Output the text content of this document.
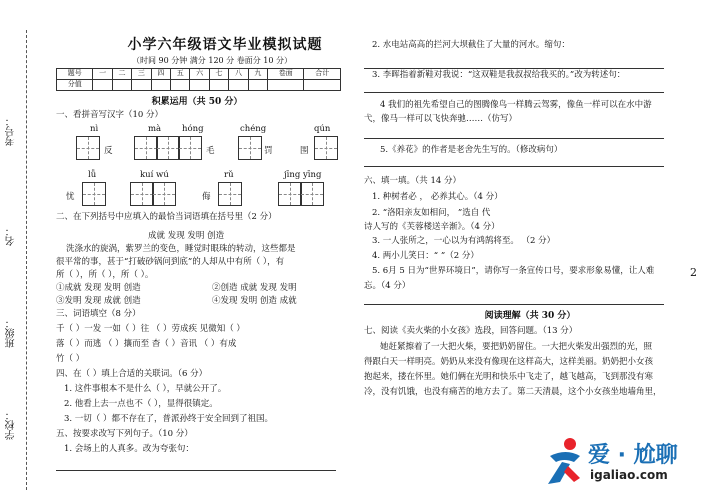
考号：
名：
班级：
学校：
小学六年级语文毕业模拟试题
（时间 90 分钟 满分 120 分 卷面分 10 分）
题号	一	二	三	四	五	六	七	八	九	卷面	合计
分值											
积累运用（共 50 分）
一、看拼音写汉字（10 分）
nì	mà hóng	chéng	qún
反	毛	罚	围
lǚ	kuí wú	rǔ	jīng yīng
忧	侮
二、在下列括号中应填入的最恰当词语填在括号里（2 分）
成就 发现 发明 创造
洗涤水的旋涡，紫罗兰的变色，睡觉时眼珠的转动，这些都是
很平常的事，甚于“打破砂锅问到底”的人却从中有所（ ），有
所（ ），所（ ），所（ ）。
①成就 发现 发明 创造	②创造 成就 发现 发明
③发明 发现 成就 创造	④发现 发明 创造 成就
三、词语填空（8 分）
千（ ）一发 一如（ ）往 （ ）劳成疾 见微知（ ）
落（ ）而逃 （ ）攘而至 杳（ ）音讯 （ ）有成
竹（ ）
四、在（ ）填上合适的关联词。（6 分）
1. 这件事根本不是什么（ ），早就公开了。
2. 他看上去一点也不（ ），显得很镇定。
3. 一切（ ）都不存在了，普派孙终于安全回到了祖国。
五、按要求改写下列句子。（10 分）
1. 会场上的人真多。改为夸张句：
2. 水电站高高的拦河大坝截住了大量的河水。缩句：
3. 李晖指着新鞋对我说：“这双鞋是我叔叔给我买的。”改为转述句：
4 我们的祖先希望自己的图腾像鸟一样腾云驾雾，像鱼一样可以在水中游
弋，像马一样可以飞快奔驰……（仿写）
5.《养花》的作者是老舍先生写的。（修改病句）
六、填一填。（共 14 分）
1. 种树者必 ， 必养其心。（4 分）
2. “洛阳亲友如相问， ”选自 代
诗人写的《芙蓉楼送辛渐》。（4 分）
3. 一人张所之，一心以为有鸿鹄将至。 （2 分）
4. 两小儿笑曰：“ ”（2 分）
5. 6月 5 日为“世界环境日”，请你写一条宣传口号，要求形象易懂，让人难	2
忘。（4 分）
阅读理解（共 30 分）
七、阅读《卖火柴的小女孩》选段，回答问题。（13 分）
她赶紧擦着了一大把火柴，要把奶奶留住。一大把火柴发出强烈的光，照
得跟白天一样明亮。奶奶从来没有像现在这样高大，这样美丽。奶奶把小女孩
抱起来，搂在怀里。她们俩在光明和快乐中飞走了，越飞越高，飞到那没有寒
冷，没有饥饿，也没有痛苦的地方去了。第二天清晨，这个小女孩坐地墙角里，
爱 · 尬聊
igaliao.com
